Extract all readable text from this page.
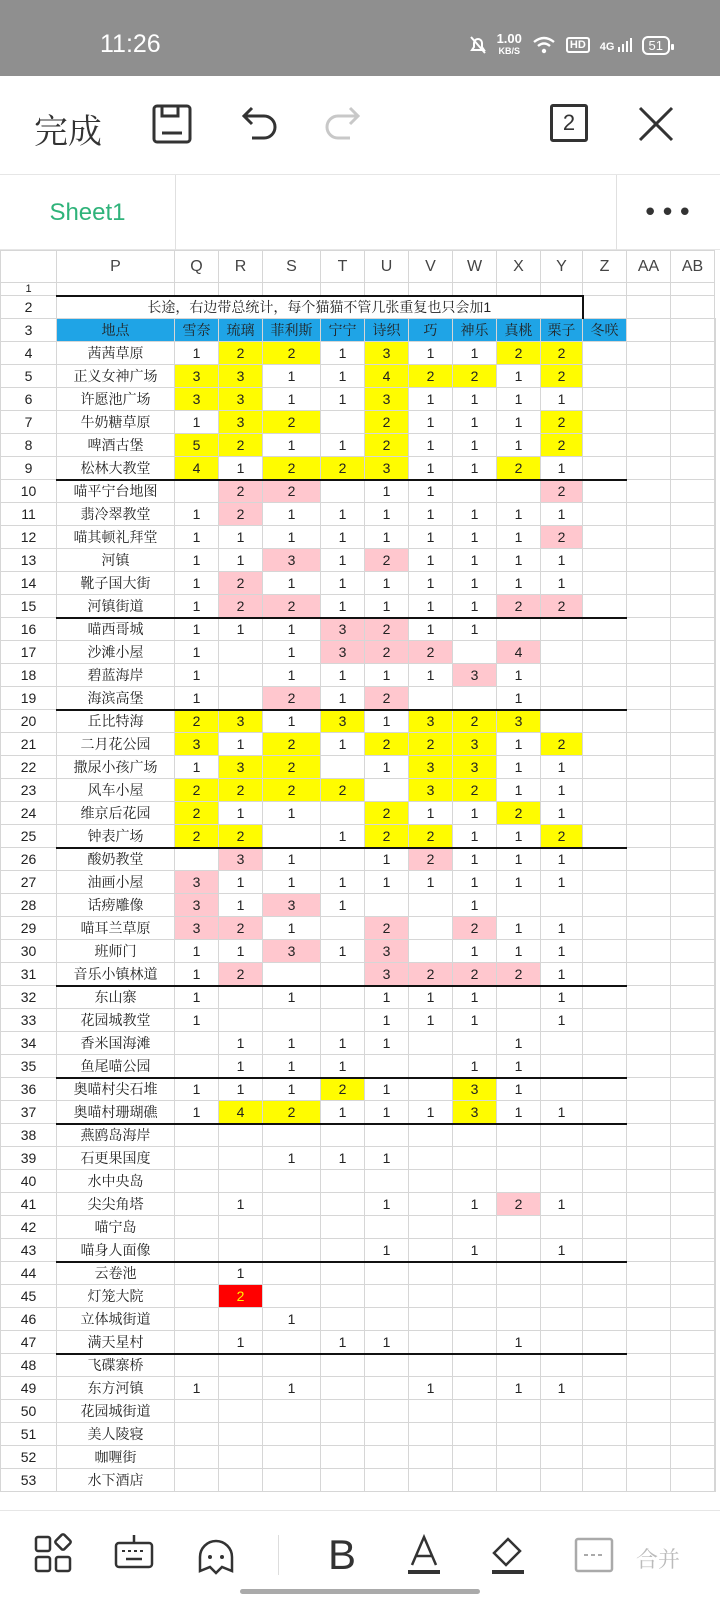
11:26	1.00
KB/S	HD	4G	51
完成	2
Sheet1	•••
	P	Q	R	S	T	U	V	W	X	Y	Z	AA	AB	
1														
2	长途，右边带总统计，每个猫猫不管几张重复也只会加1													
3	地点	雪奈	琉璃	菲利斯	宁宁	诗织	巧	神乐	真桃	栗子	冬咲			
4	茜茜草原	1	2	2	1	3	1	1	2	2				
5	正义女神广场	3	3	1	1	4	2	2	1	2				
6	许愿池广场	3	3	1	1	3	1	1	1	1				
7	牛奶糖草原	1	3	2		2	1	1	1	2				
8	啤酒古堡	5	2	1	1	2	1	1	1	2				
9	松林大教堂	4	1	2	2	3	1	1	2	1				
10	喵平宁台地图		2	2		1	1			2				
11	翡冷翠教堂	1	2	1	1	1	1	1	1	1				
12	喵其顿礼拜堂	1	1	1	1	1	1	1	1	2				
13	河镇	1	1	3	1	2	1	1	1	1				
14	靴子国大街	1	2	1	1	1	1	1	1	1				
15	河镇街道	1	2	2	1	1	1	1	2	2				
16	喵西哥城	1	1	1	3	2	1	1						
17	沙滩小屋	1		1	3	2	2		4					
18	碧蓝海岸	1		1	1	1	1	3	1					
19	海滨高堡	1		2	1	2			1					
20	丘比特海	2	3	1	3	1	3	2	3					
21	二月花公园	3	1	2	1	2	2	3	1	2				
22	撒尿小孩广场	1	3	2		1	3	3	1	1				
23	风车小屋	2	2	2	2		3	2	1	1				
24	维京后花园	2	1	1		2	1	1	2	1				
25	钟表广场	2	2		1	2	2	1	1	2				
26	酸奶教堂		3	1		1	2	1	1	1				
27	油画小屋	3	1	1	1	1	1	1	1	1				
28	话痨雕像	3	1	3	1			1						
29	喵耳兰草原	3	2	1		2		2	1	1				
30	班师门	1	1	3	1	3		1	1	1				
31	音乐小镇林道	1	2			3	2	2	2	1				
32	东山寨	1		1		1	1	1		1				
33	花园城教堂	1				1	1	1		1				
34	香米国海滩		1	1	1	1			1					
35	鱼尾喵公园		1	1	1			1	1					
36	奥喵村尖石堆	1	1	1	2	1		3	1					
37	奥喵村珊瑚礁	1	4	2	1	1	1	3	1	1				
38	燕鸥岛海岸													
39	石更果国度			1	1	1								
40	水中央岛													
41	尖尖角塔		1			1		1	2	1				
42	喵宁岛													
43	喵身人面像					1		1		1				
44	云卷池		1											
45	灯笼大院		2											
46	立体城街道			1										
47	满天星村		1		1	1			1					
48	飞碟寨桥													
49	东方河镇	1		1			1		1	1				
50	花园城街道													
51	美人陵寝													
52	咖喱街													
53	水下酒店													
B	合并
